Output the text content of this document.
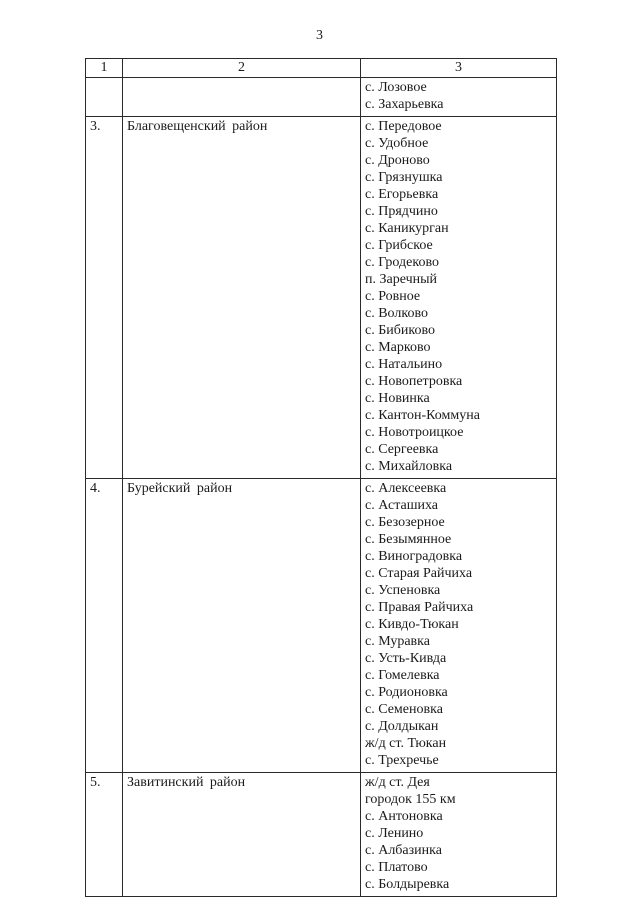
3
1	2	3

		с. Лозовое
с. Захарьевка

3.	Благовещенский район	с. Передовое
с. Удобное
с. Дроново
с. Грязнушка
с. Егорьевка
с. Прядчино
с. Каникурган
с. Грибское
с. Гродеково
п. Заречный
с. Ровное
с. Волково
с. Бибиково
с. Марково
с. Натальино
с. Новопетровка
с. Новинка
с. Кантон-Коммуна
с. Новотроицкое
с. Сергеевка
с. Михайловка

4.	Бурейский район	с. Алексеевка
с. Асташиха
с. Безозерное
с. Безымянное
с. Виноградовка
с. Старая Райчиха
с. Успеновка
с. Правая Райчиха
с. Кивдо-Тюкан
с. Муравка
с. Усть-Кивда
с. Гомелевка
с. Родионовка
с. Семеновка
с. Долдыкан
ж/д ст. Тюкан
с. Трехречье

5.	Завитинский район	ж/д ст. Дея
городок 155 км
с. Антоновка
с. Ленино
с. Албазинка
с. Платово
с. Болдыревка
